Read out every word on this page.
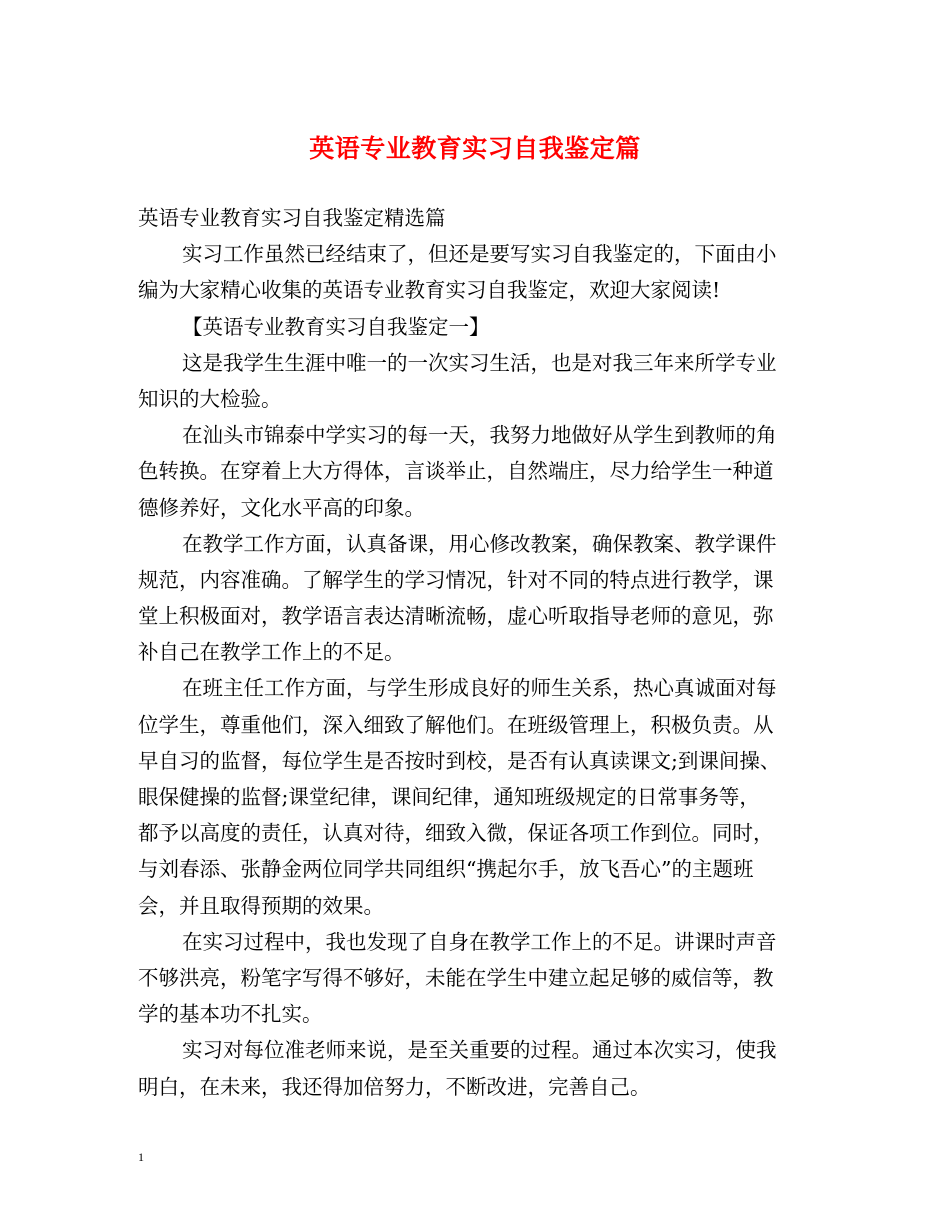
英语专业教育实习自我鉴定篇
英语专业教育实习自我鉴定精选篇
实习工作虽然已经结束了，但还是要写实习自我鉴定的，下面由小
编为大家精心收集的英语专业教育实习自我鉴定，欢迎大家阅读!
【英语专业教育实习自我鉴定一】
这是我学生生涯中唯一的一次实习生活，也是对我三年来所学专业
知识的大检验。
在汕头市锦泰中学实习的每一天，我努力地做好从学生到教师的角
色转换。在穿着上大方得体，言谈举止，自然端庄，尽力给学生一种道
德修养好，文化水平高的印象。
在教学工作方面，认真备课，用心修改教案，确保教案、教学课件
规范，内容准确。了解学生的学习情况，针对不同的特点进行教学，课
堂上积极面对，教学语言表达清晰流畅，虚心听取指导老师的意见，弥
补自己在教学工作上的不足。
在班主任工作方面，与学生形成良好的师生关系，热心真诚面对每
位学生，尊重他们，深入细致了解他们。在班级管理上，积极负责。从
早自习的监督，每位学生是否按时到校，是否有认真读课文;到课间操、
眼保健操的监督;课堂纪律，课间纪律，通知班级规定的日常事务等，
都予以高度的责任，认真对待，细致入微，保证各项工作到位。同时，
与刘春添、张静金两位同学共同组织“携起尔手，放飞吾心”的主题班
会，并且取得预期的效果。
在实习过程中，我也发现了自身在教学工作上的不足。讲课时声音
不够洪亮，粉笔字写得不够好，未能在学生中建立起足够的威信等，教
学的基本功不扎实。
实习对每位准老师来说，是至关重要的过程。通过本次实习，使我
明白，在未来，我还得加倍努力，不断改进，完善自己。
1
